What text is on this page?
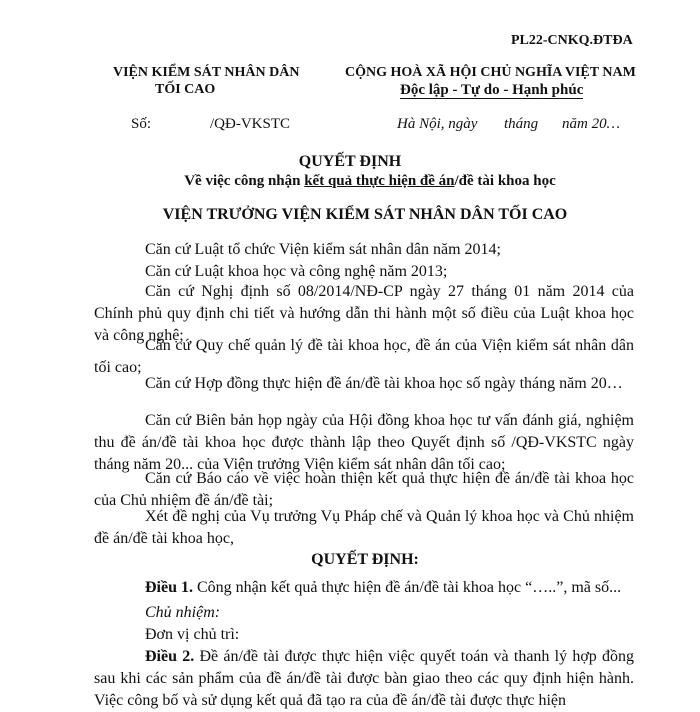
PL22-CNKQ.ĐTĐA
VIỆN KIỂM SÁT NHÂN DÂN
TỐI CAO
CỘNG HOÀ XÃ HỘI CHỦ NGHĨA VIỆT NAM
Độc lập - Tự do - Hạnh phúc
Số:	/QĐ-VKSTC	Hà Nội, ngày tháng năm 20…
QUYẾT ĐỊNH
Về việc công nhận kết quả thực hiện đề án/đề tài khoa học
VIỆN TRƯỞNG VIỆN KIỂM SÁT NHÂN DÂN TỐI CAO
Căn cứ Luật tổ chức Viện kiểm sát nhân dân năm 2014;
Căn cứ Luật khoa học và công nghệ năm 2013;
Căn cứ Nghị định số 08/2014/NĐ-CP ngày 27 tháng 01 năm 2014 của Chính phủ quy định chi tiết và hướng dẫn thi hành một số điều của Luật khoa học và công nghệ;
Căn cứ Quy chế quản lý đề tài khoa học, đề án của Viện kiểm sát nhân dân tối cao;
Căn cứ Hợp đồng thực hiện đề án/đề tài khoa học số ngày tháng năm 20…
Căn cứ Biên bản họp ngày của Hội đồng khoa học tư vấn đánh giá, nghiệm thu đề án/đề tài khoa học được thành lập theo Quyết định số /QĐ-VKSTC ngày tháng năm 20... của Viện trưởng Viện kiểm sát nhân dân tối cao;
Căn cứ Báo cáo về việc hoàn thiện kết quả thực hiện đề án/đề tài khoa học của Chủ nhiệm đề án/đề tài;
Xét đề nghị của Vụ trưởng Vụ Pháp chế và Quản lý khoa học và Chủ nhiệm đề án/đề tài khoa học,
QUYẾT ĐỊNH:
Điều 1. Công nhận kết quả thực hiện đề án/đề tài khoa học “…..”, mã số...
Chủ nhiệm:
Đơn vị chủ trì:
Điều 2. Đề án/đề tài được thực hiện việc quyết toán và thanh lý hợp đồng sau khi các sản phẩm của đề án/đề tài được bàn giao theo các quy định hiện hành. Việc công bố và sử dụng kết quả đã tạo ra của đề án/đề tài được thực hiện
